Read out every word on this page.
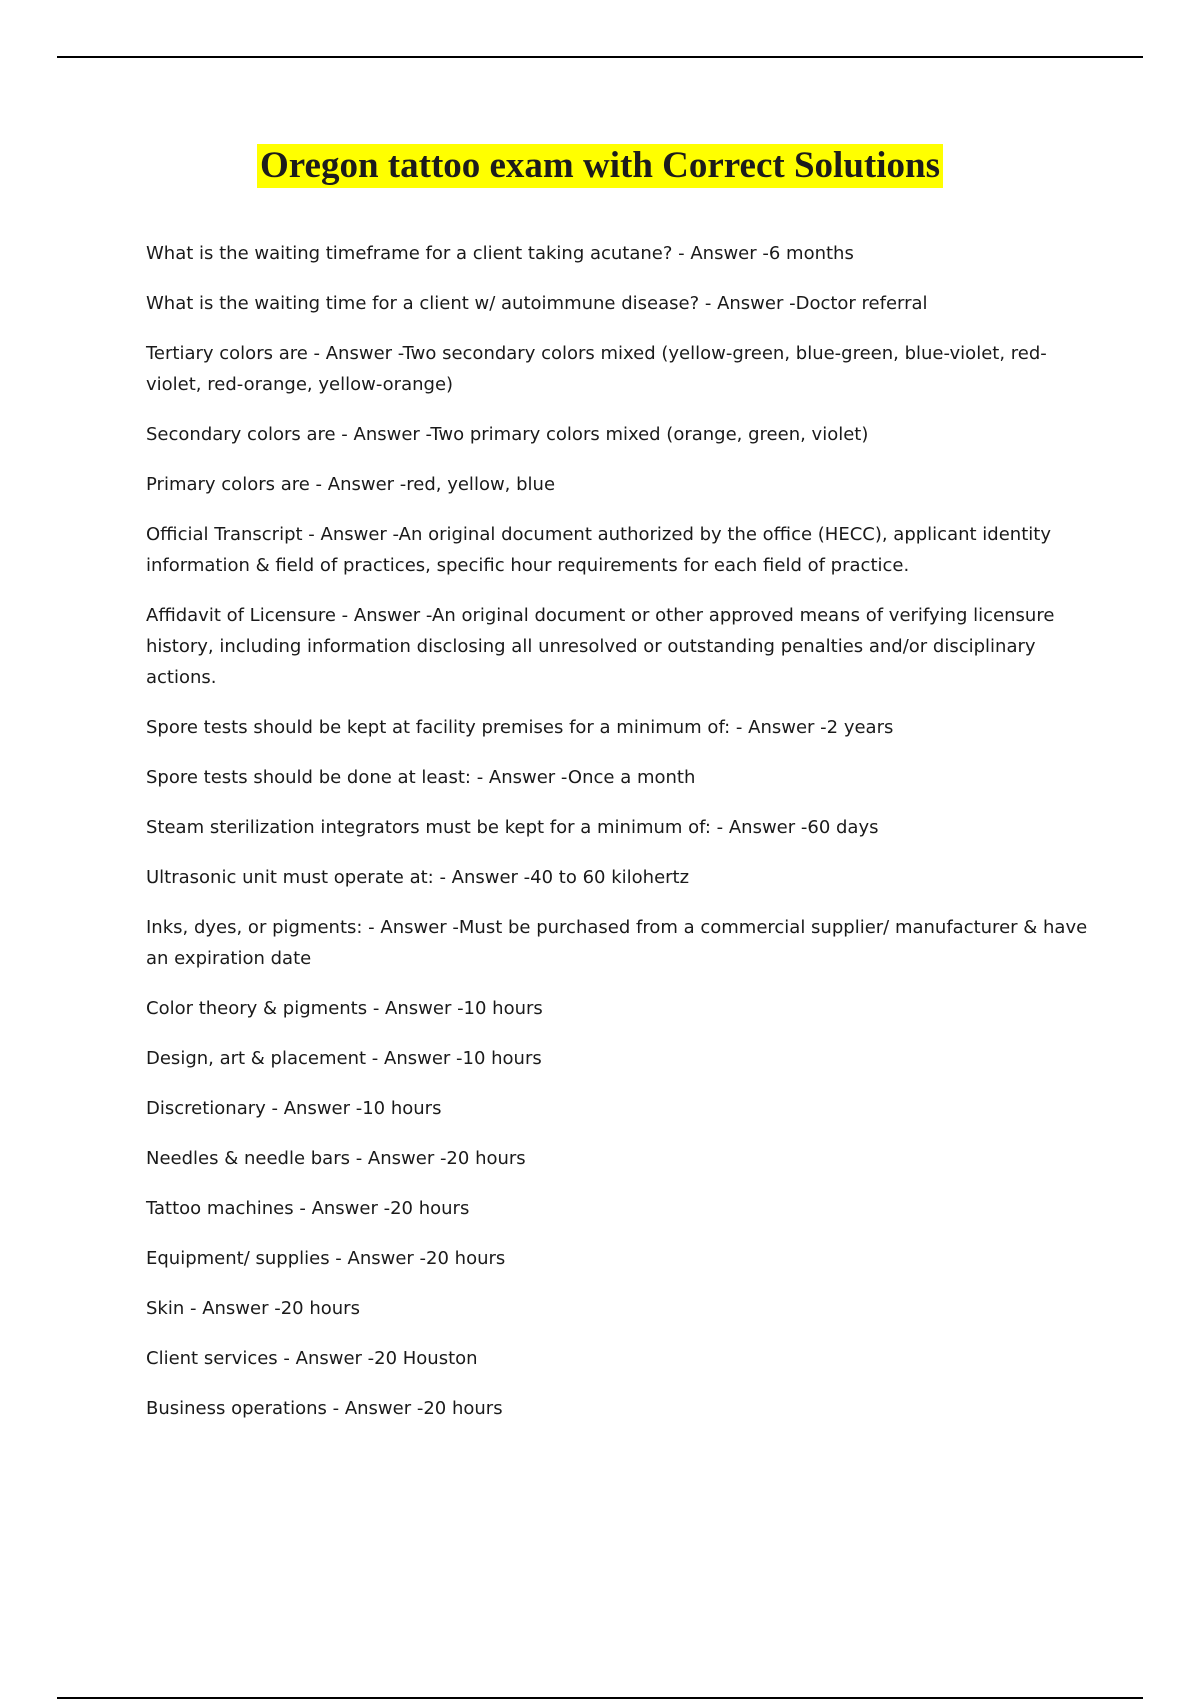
Oregon tattoo exam with Correct Solutions
What is the waiting timeframe for a client taking acutane? - Answer -6 months
What is the waiting time for a client w/ autoimmune disease? - Answer -Doctor referral
Tertiary colors are - Answer -Two secondary colors mixed (yellow-green, blue-green, blue-violet, red-violet, red-orange, yellow-orange)
Secondary colors are - Answer -Two primary colors mixed (orange, green, violet)
Primary colors are - Answer -red, yellow, blue
Official Transcript - Answer -An original document authorized by the office (HECC), applicant identity information & field of practices, specific hour requirements for each field of practice.
Affidavit of Licensure - Answer -An original document or other approved means of verifying licensure history, including information disclosing all unresolved or outstanding penalties and/or disciplinary actions.
Spore tests should be kept at facility premises for a minimum of: - Answer -2 years
Spore tests should be done at least: - Answer -Once a month
Steam sterilization integrators must be kept for a minimum of: - Answer -60 days
Ultrasonic unit must operate at: - Answer -40 to 60 kilohertz
Inks, dyes, or pigments: - Answer -Must be purchased from a commercial supplier/ manufacturer & have an expiration date
Color theory & pigments - Answer -10 hours
Design, art & placement - Answer -10 hours
Discretionary - Answer -10 hours
Needles & needle bars - Answer -20 hours
Tattoo machines - Answer -20 hours
Equipment/ supplies - Answer -20 hours
Skin - Answer -20 hours
Client services - Answer -20 Houston
Business operations - Answer -20 hours
